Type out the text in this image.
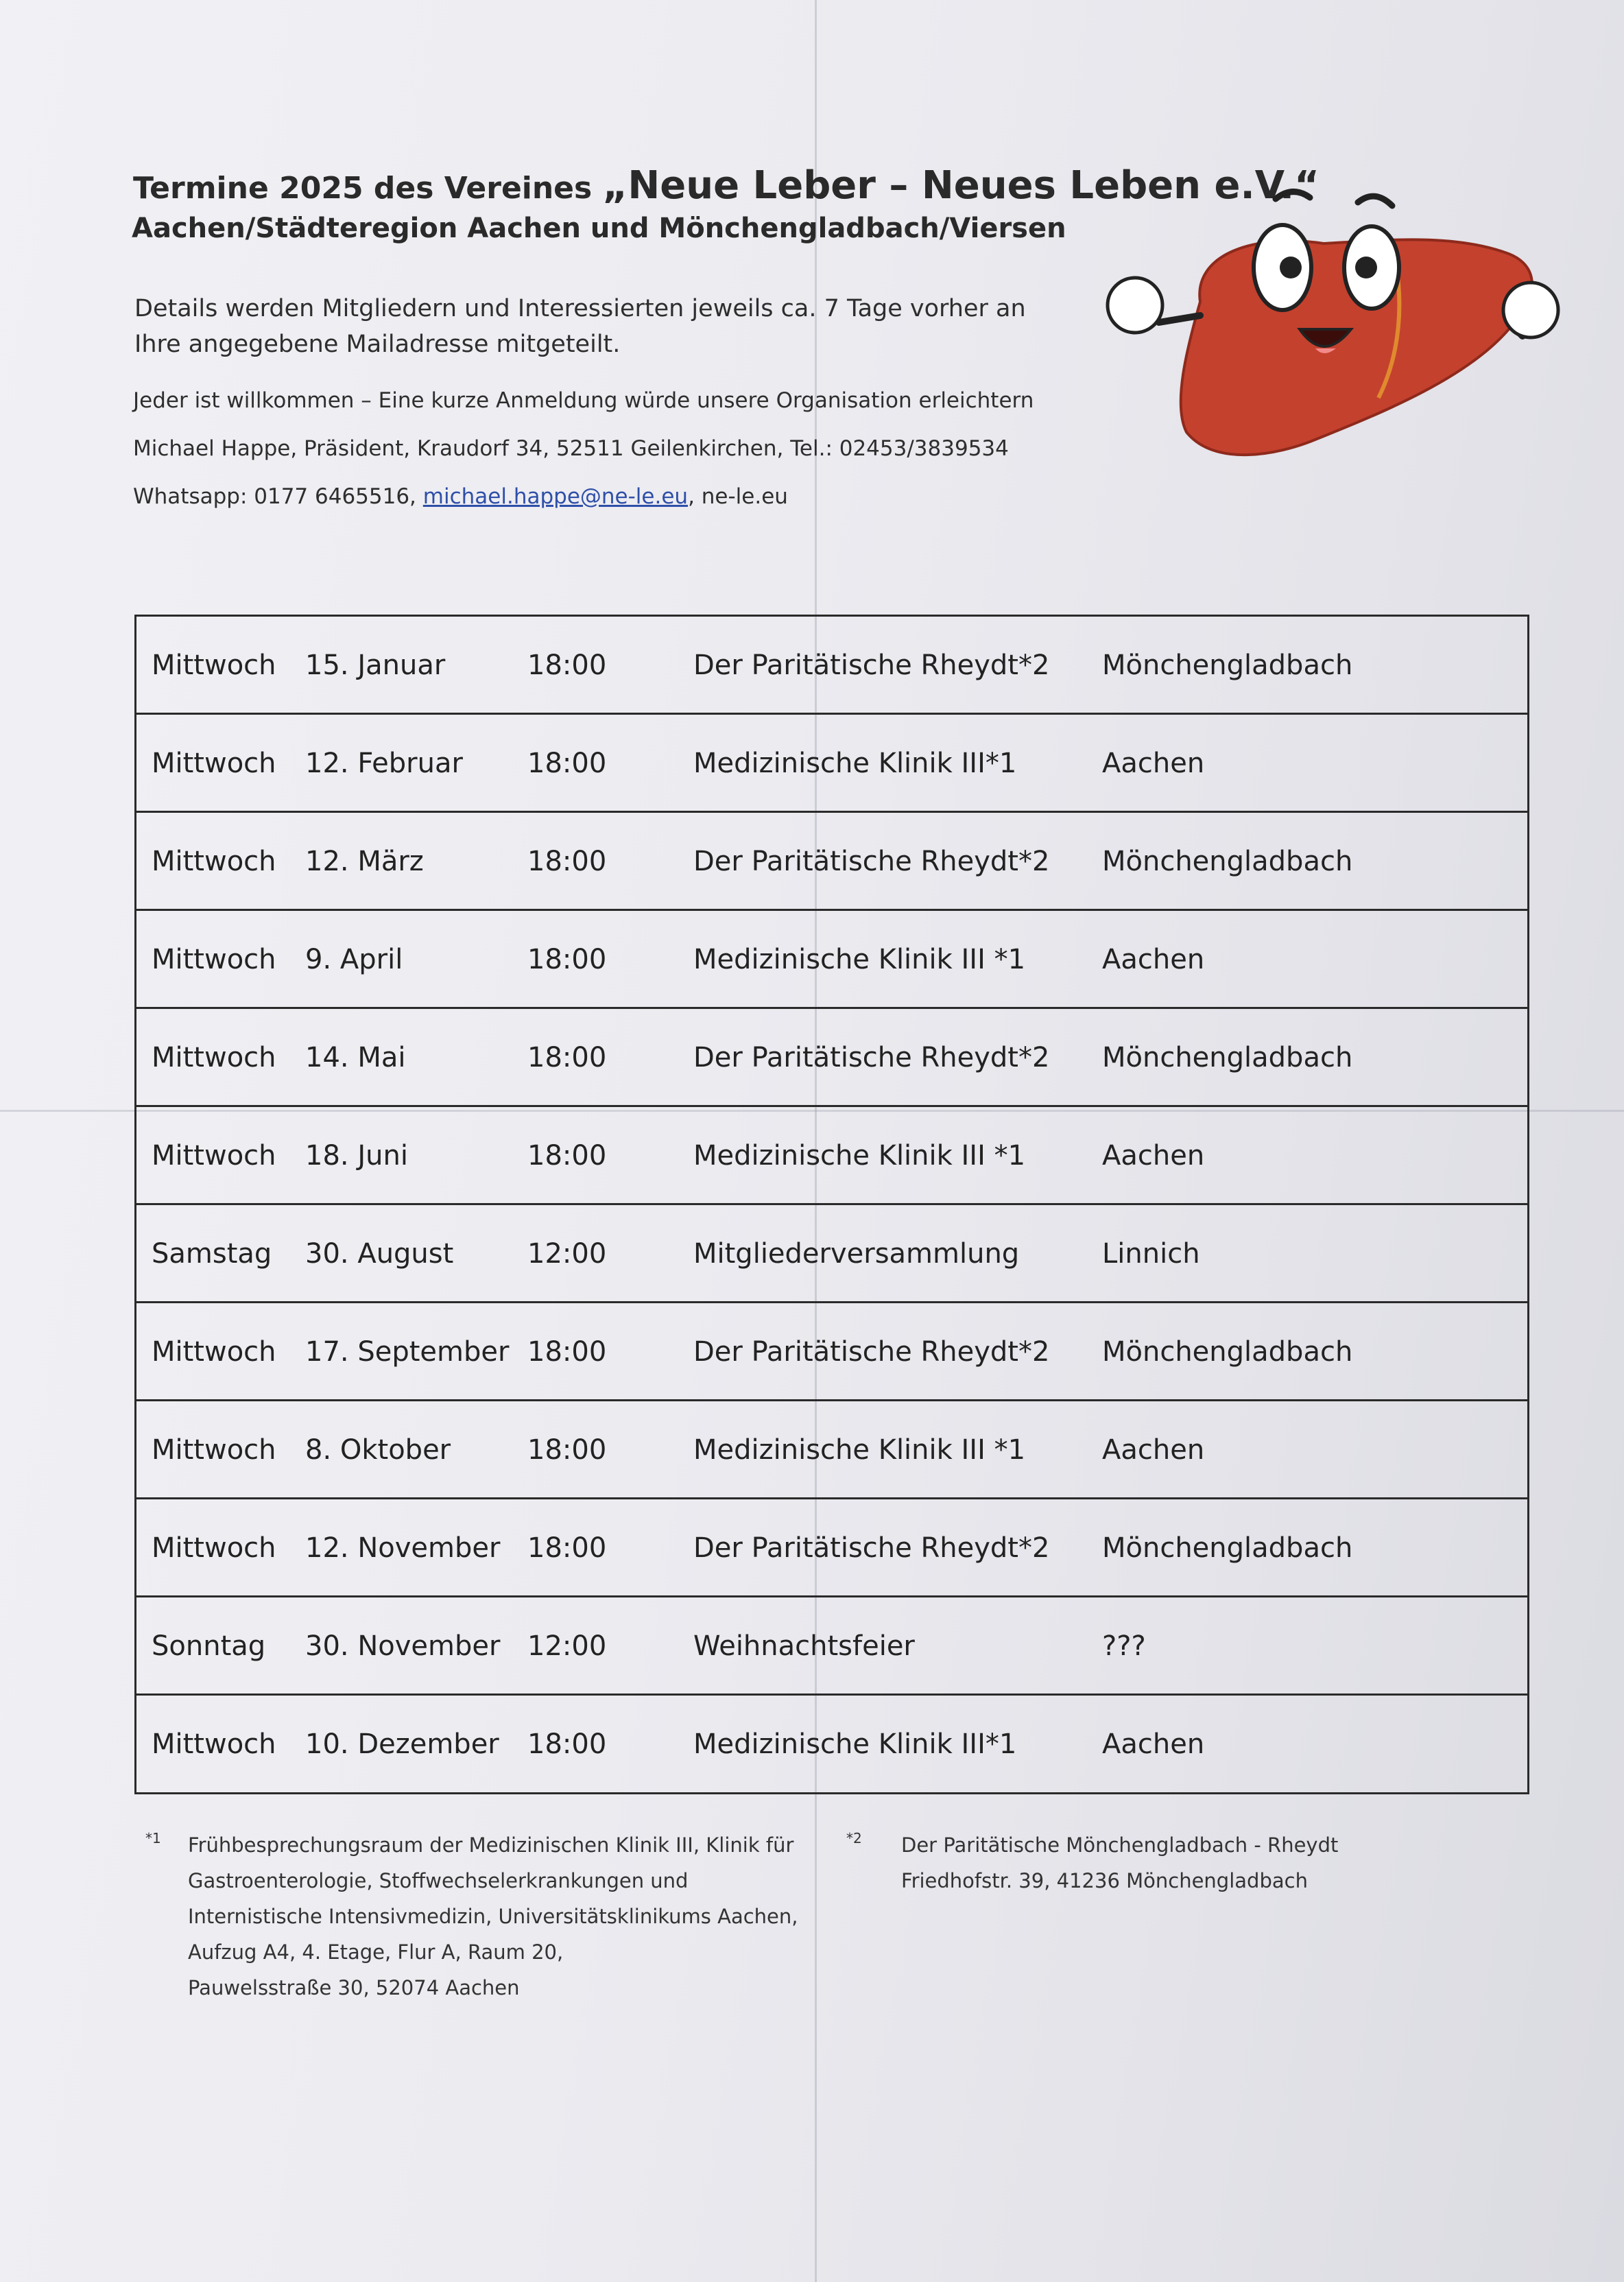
Termine 2025 des Vereines „Neue Leber – Neues Leben e.V.“
Aachen/Städteregion Aachen und Mönchengladbach/Viersen
Details werden Mitgliedern und Interessierten jeweils ca. 7 Tage vorher an Ihre angegebene Mailadresse mitgeteilt.
Jeder ist willkommen – Eine kurze Anmeldung würde unsere Organisation erleichtern
Michael Happe, Präsident, Kraudorf 34, 52511 Geilenkirchen, Tel.: 02453/3839534
Whatsapp: 0177 6465516, michael.happe@ne-le.eu, ne-le.eu
Mittwoch 15. Januar	18:00	Der Paritätische Rheydt*2 Mönchengladbach
Mittwoch 12. Februar 18:00	Medizinische Klinik III*1	Aachen
Mittwoch 12. März	18:00	Der Paritätische Rheydt*2 Mönchengladbach
Mittwoch 9. April	18:00	Medizinische Klinik III *1	Aachen
Mittwoch 14. Mai	18:00	Der Paritätische Rheydt*2 Mönchengladbach
Mittwoch 18. Juni	18:00	Medizinische Klinik III *1	Aachen
Samstag 30. August	12:00	Mitgliederversammlung	Linnich
Mittwoch 17. September 18:00	Der Paritätische Rheydt*2 Mönchengladbach
Mittwoch 8. Oktober	18:00	Medizinische Klinik III *1	Aachen
Mittwoch 12. November 18:00	Der Paritätische Rheydt*2 Mönchengladbach
Sonntag 30. November 12:00	Weihnachtsfeier	???
Mittwoch 10. Dezember 18:00	Medizinische Klinik III*1	Aachen
*1 Frühbesprechungsraum der Medizinischen Klinik III, Klinik für
Gastroenterologie, Stoffwechselerkrankungen und
Internistische Intensivmedizin, Universitätsklinikums Aachen,
Aufzug A4, 4. Etage, Flur A, Raum 20,
Pauwelsstraße 30, 52074 Aachen
*2 Der Paritätische Mönchengladbach - Rheydt
Friedhofstr. 39, 41236 Mönchengladbach
